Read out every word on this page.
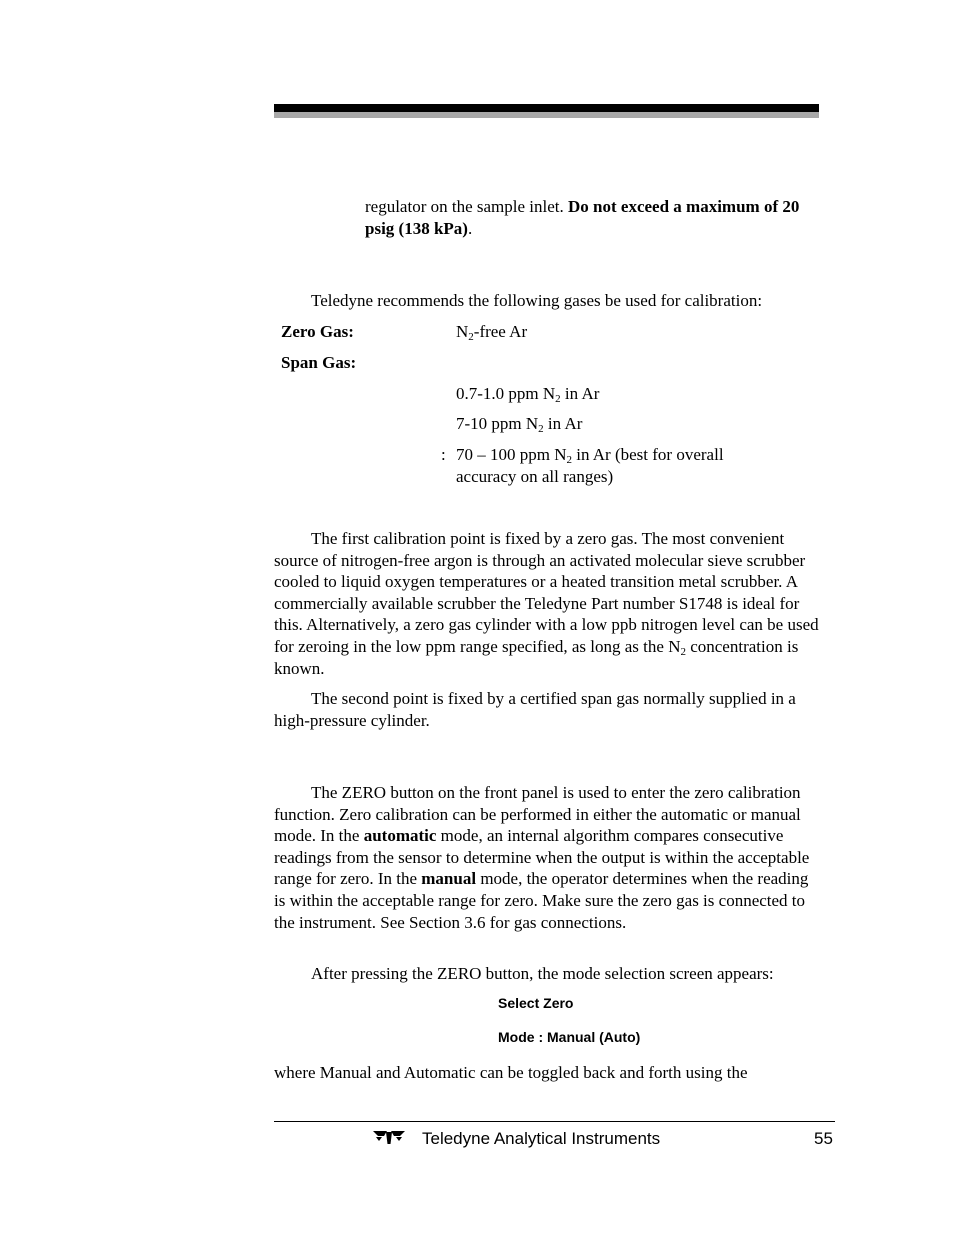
regulator on the sample inlet. Do not exceed a maximum of 20 psig (138 kPa).

Teledyne recommends the following gases be used for calibration:

Zero Gas:	$N_2$-free Ar
Span Gas:
0.7-1.0 ppm $N_2$ in Ar
7-10 ppm $N_2$ in Ar
: 70 – 100 ppm $N_2$ in Ar (best for overall accuracy on all ranges)

The first calibration point is fixed by a zero gas. The most convenient source of nitrogen-free argon is through an activated molecular sieve scrubber cooled to liquid oxygen temperatures or a heated transition metal scrubber. A commercially available scrubber the Teledyne Part number S1748 is ideal for this. Alternatively, a zero gas cylinder with a low ppb nitrogen level can be used for zeroing in the low ppm range specified, as long as the $N_2$ concentration is known.

The second point is fixed by a certified span gas normally supplied in a high-pressure cylinder.

The ZERO button on the front panel is used to enter the zero calibration function. Zero calibration can be performed in either the automatic or manual mode. In the automatic mode, an internal algorithm compares consecutive readings from the sensor to determine when the output is within the acceptable range for zero. In the manual mode, the operator determines when the reading is within the acceptable range for zero. Make sure the zero gas is connected to the instrument. See Section 3.6 for gas connections.

After pressing the ZERO button, the mode selection screen appears:

Select Zero
Mode : Manual (Auto)

where Manual and Automatic can be toggled back and forth using the

Teledyne Analytical Instruments	55
